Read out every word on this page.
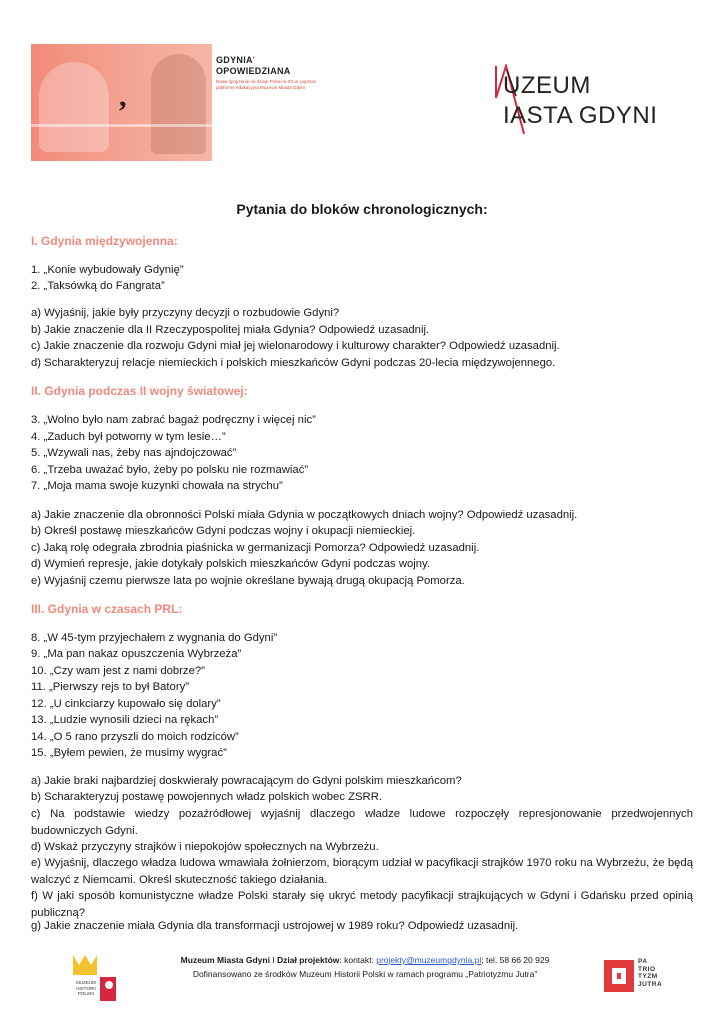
,
GDYNIA’
OPOWIEDZIANA
Nowe spojrzenie na dzieje Polski w XX w. poprzez platformę edukacyjną Muzeum Miasta Gdyni	UZEUM
IASTA GDYNI
Pytania do bloków chronologicznych:
I. Gdynia międzywojenna:
1. „Konie wybudowały Gdynię”
2. „Taksówką do Fangrata”
a) Wyjaśnij, jakie były przyczyny decyzji o rozbudowie Gdyni?
b) Jakie znaczenie dla II Rzeczypospolitej miała Gdynia? Odpowiedź uzasadnij.
c) Jakie znaczenie dla rozwoju Gdyni miał jej wielonarodowy i kulturowy charakter? Odpowiedź uzasadnij.
d) Scharakteryzuj relacje niemieckich i polskich mieszkańców Gdyni podczas 20-lecia międzywojennego.
II. Gdynia podczas II wojny światowej:
3. „Wolno było nam zabrać bagaż podręczny i więcej nic”
4. „Zaduch był potworny w tym lesie…”
5. „Wzywali nas, żeby nas ajndojczować”
6. „Trzeba uważać było, żeby po polsku nie rozmawiać”
7. „Moja mama swoje kuzynki chowała na strychu”
a) Jakie znaczenie dla obronności Polski miała Gdynia w początkowych dniach wojny? Odpowiedź uzasadnij.
b) Określ postawę mieszkańców Gdyni podczas wojny i okupacji niemieckiej.
c) Jaką rolę odegrała zbrodnia piaśnicka w germanizacji Pomorza? Odpowiedź uzasadnij.
d) Wymień represje, jakie dotykały polskich mieszkańców Gdyni podczas wojny.
e) Wyjaśnij czemu pierwsze lata po wojnie określane bywają drugą okupacją Pomorza.
III. Gdynia w czasach PRL:
8. „W 45-tym przyjechałem z wygnania do Gdyni”
9. „Ma pan nakaz opuszczenia Wybrzeża”
10. „Czy wam jest z nami dobrze?”
11. „Pierwszy rejs to był Batory”
12. „U cinkciarzy kupowało się dolary”
13. „Ludzie wynosili dzieci na rękach”
14. „O 5 rano przyszli do moich rodziców”
15. „Byłem pewien, że musimy wygrać”
a) Jakie braki najbardziej doskwierały powracającym do Gdyni polskim mieszkańcom?
b) Scharakteryzuj postawę powojennych władz polskich wobec ZSRR.
c) Na podstawie wiedzy pozaźródłowej wyjaśnij dlaczego władze ludowe rozpoczęły represjonowanie przedwojennych budowniczych Gdyni.
d) Wskaż przyczyny strajków i niepokojów społecznych na Wybrzeżu.
e) Wyjaśnij, dlaczego władza ludowa wmawiała żołnierzom, biorącym udział w pacyfikacji strajków 1970 roku na Wybrzeżu, że będą walczyć z Niemcami. Określ skuteczność takiego działania.
f) W jaki sposób komunistyczne władze Polski starały się ukryć metody pacyfikacji strajkujących w Gdyni i Gdańsku przed opinią publiczną?
g) Jakie znaczenie miała Gdynia dla transformacji ustrojowej w 1989 roku? Odpowiedź uzasadnij.
MUZEUM
HISTORII
POLSKI
Muzeum Miasta Gdyni I Dział projektów: kontakt: projekty@muzeumgdynia.pl; tel. 58 66 20 929
Dofinansowano ze środków Muzeum Historii Polski w ramach programu „Patriotyzmu Jutra”
PA
TRIO
TYZM
JUTRA
